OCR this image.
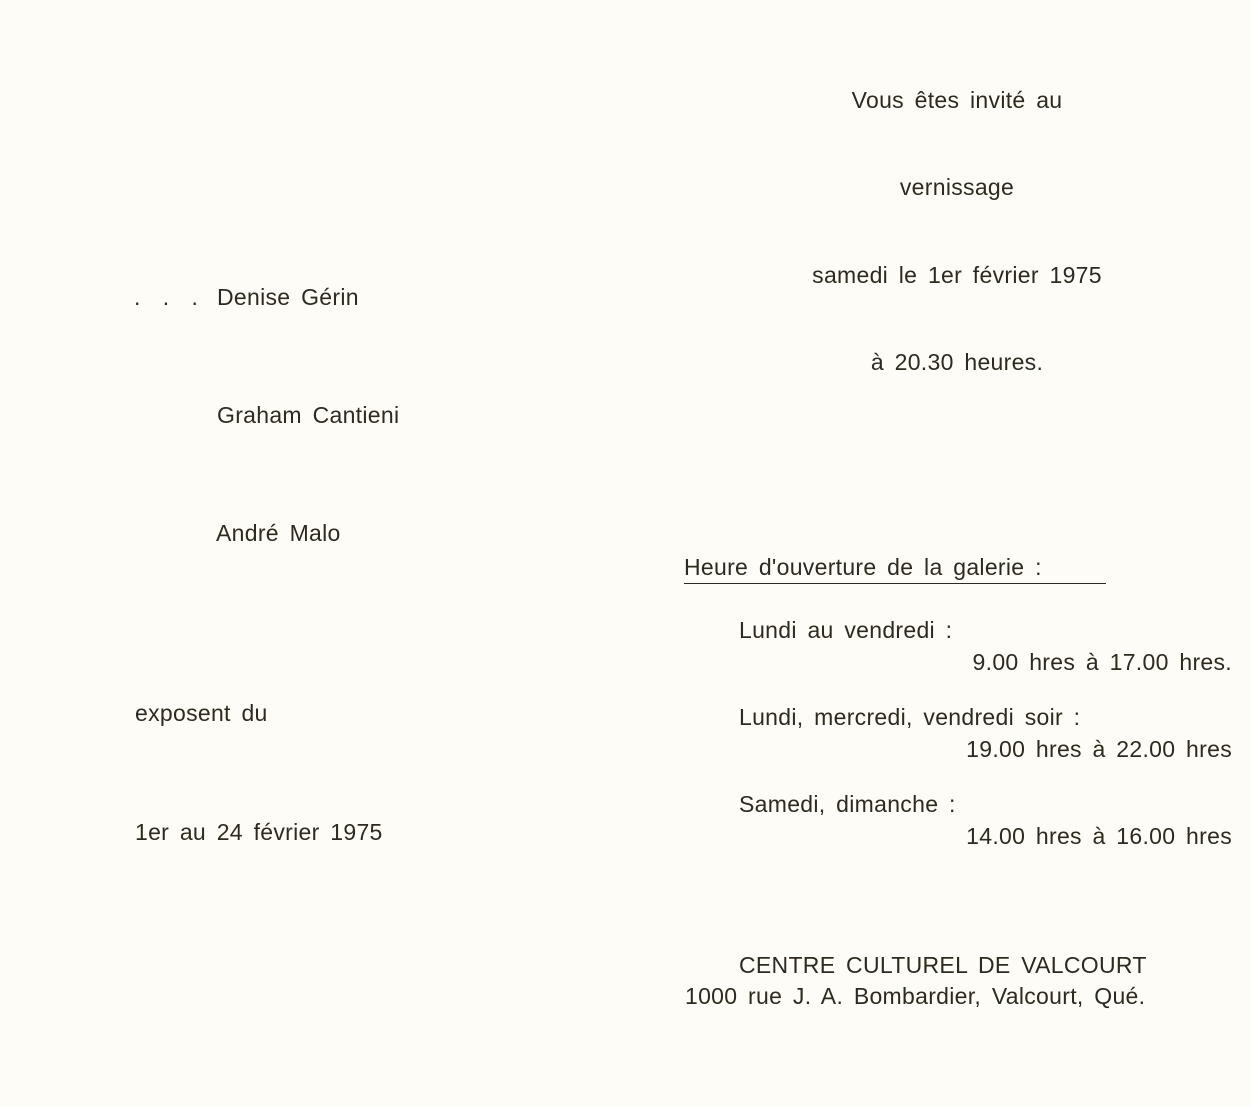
. . . Denise Gérin
Graham Cantieni
André Malo
exposent du
1er au 24 février 1975
Vous êtes invité au
vernissage
samedi le 1er février 1975
à 20.30 heures.
Heure d'ouverture de la galerie :
Lundi au vendredi :
9.00 hres à 17.00 hres.
Lundi, mercredi, vendredi soir :
19.00 hres à 22.00 hres
Samedi, dimanche :
14.00 hres à 16.00 hres
CENTRE CULTUREL DE VALCOURT
1000 rue J. A. Bombardier, Valcourt, Qué.
